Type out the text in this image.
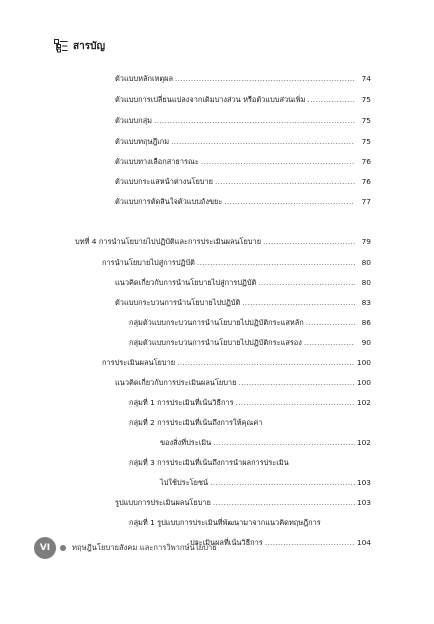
สารบัญ
ตัวแบบหลักเหตุผล .....	74
ตัวแบบการเปลี่ยนแปลงจากเดิมบางส่วน หรือตัวแบบส่วนเพิ่ม .....	75
ตัวแบบกลุ่ม .....	75
ตัวแบบทฤษฎีเกม .....	75
ตัวแบบทางเลือกสาธารณะ .....	76
ตัวแบบกระแสหน้าต่างนโยบาย .....	76
ตัวแบบการตัดสินใจตัวแบบถังขยะ .....	77
บทที่ 4 การนำนโยบายไปปฏิบัติและการประเมินผลนโยบาย .....	79
การนำนโยบายไปสู่การปฏิบัติ .....	80
แนวคิดเกี่ยวกับการนำนโยบายไปสู่การปฏิบัติ .....	80
ตัวแบบกระบวนการนำนโยบายไปปฏิบัติ .....	83
กลุ่มตัวแบบกระบวนการนำนโยบายไปปฏิบัติกระแสหลัก .....	86
กลุ่มตัวแบบกระบวนการนำนโยบายไปปฏิบัติกระแสรอง .....	90
การประเมินผลนโยบาย .....	100
แนวคิดเกี่ยวกับการประเมินผลนโยบาย .....	100
กลุ่มที่ 1 การประเมินที่เน้นวิธีการ .....	102
กลุ่มที่ 2 การประเมินที่เน้นถึงการให้คุณค่า
ของสิ่งที่ประเมิน .....	102
กลุ่มที่ 3 การประเมินที่เน้นถึงการนำผลการประเมิน
ไปใช้ประโยชน์ .....	103
รูปแบบการประเมินผลนโยบาย .....	103
กลุ่มที่ 1 รูปแบบการประเมินที่พัฒนามาจากแนวคิดทฤษฎีการ
ประเมินผลที่เน้นวิธีการ .....	104
VI	ทฤษฎีนโยบายสังคม และการวิพากษ์นโยบาย
